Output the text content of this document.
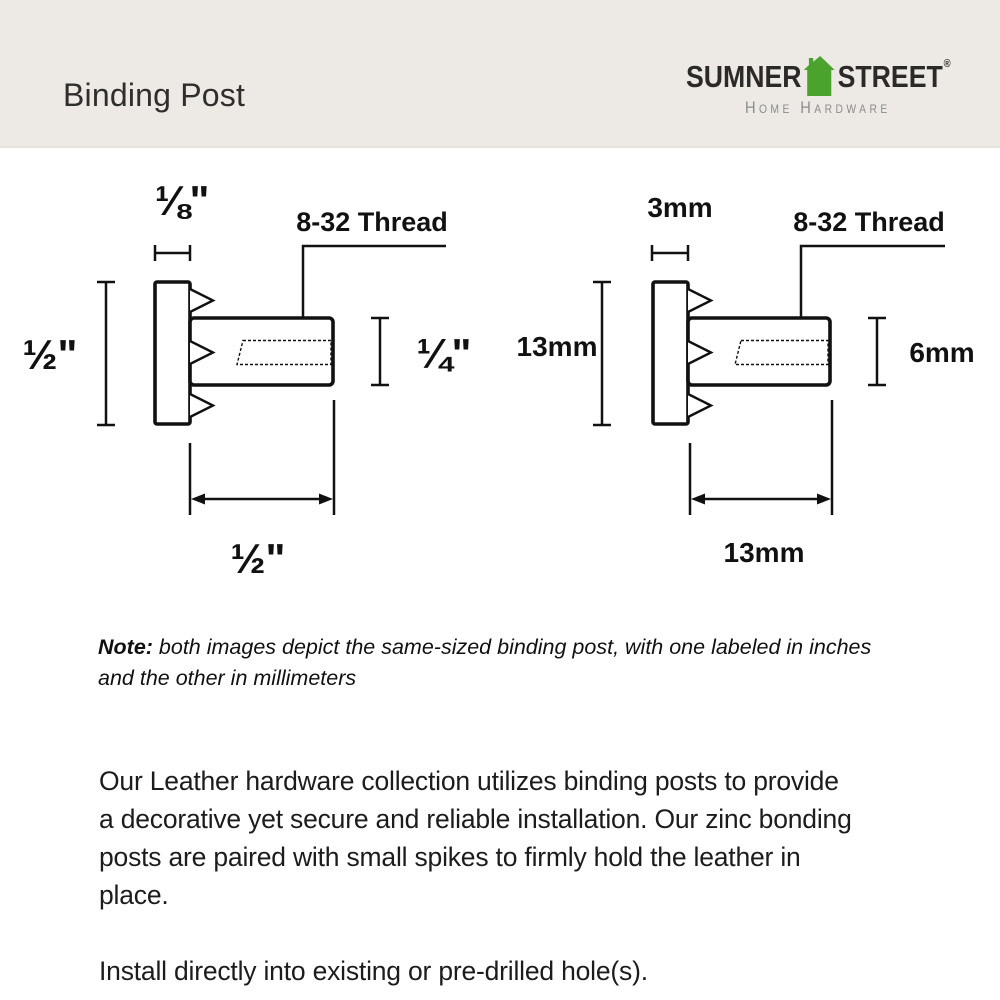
Binding Post
SUMNER STREET ®
Home Hardware
⅛"	8-32 Thread
½"	¼"
½"
3mm	8-32 Thread
13mm	6mm
13mm
Note: both images depict the same-sized binding post, with one labeled in inches
and the other in millimeters
Our Leather hardware collection utilizes binding posts to provide
a decorative yet secure and reliable installation. Our zinc bonding
posts are paired with small spikes to firmly hold the leather in
place.
Install directly into existing or pre-drilled hole(s).
